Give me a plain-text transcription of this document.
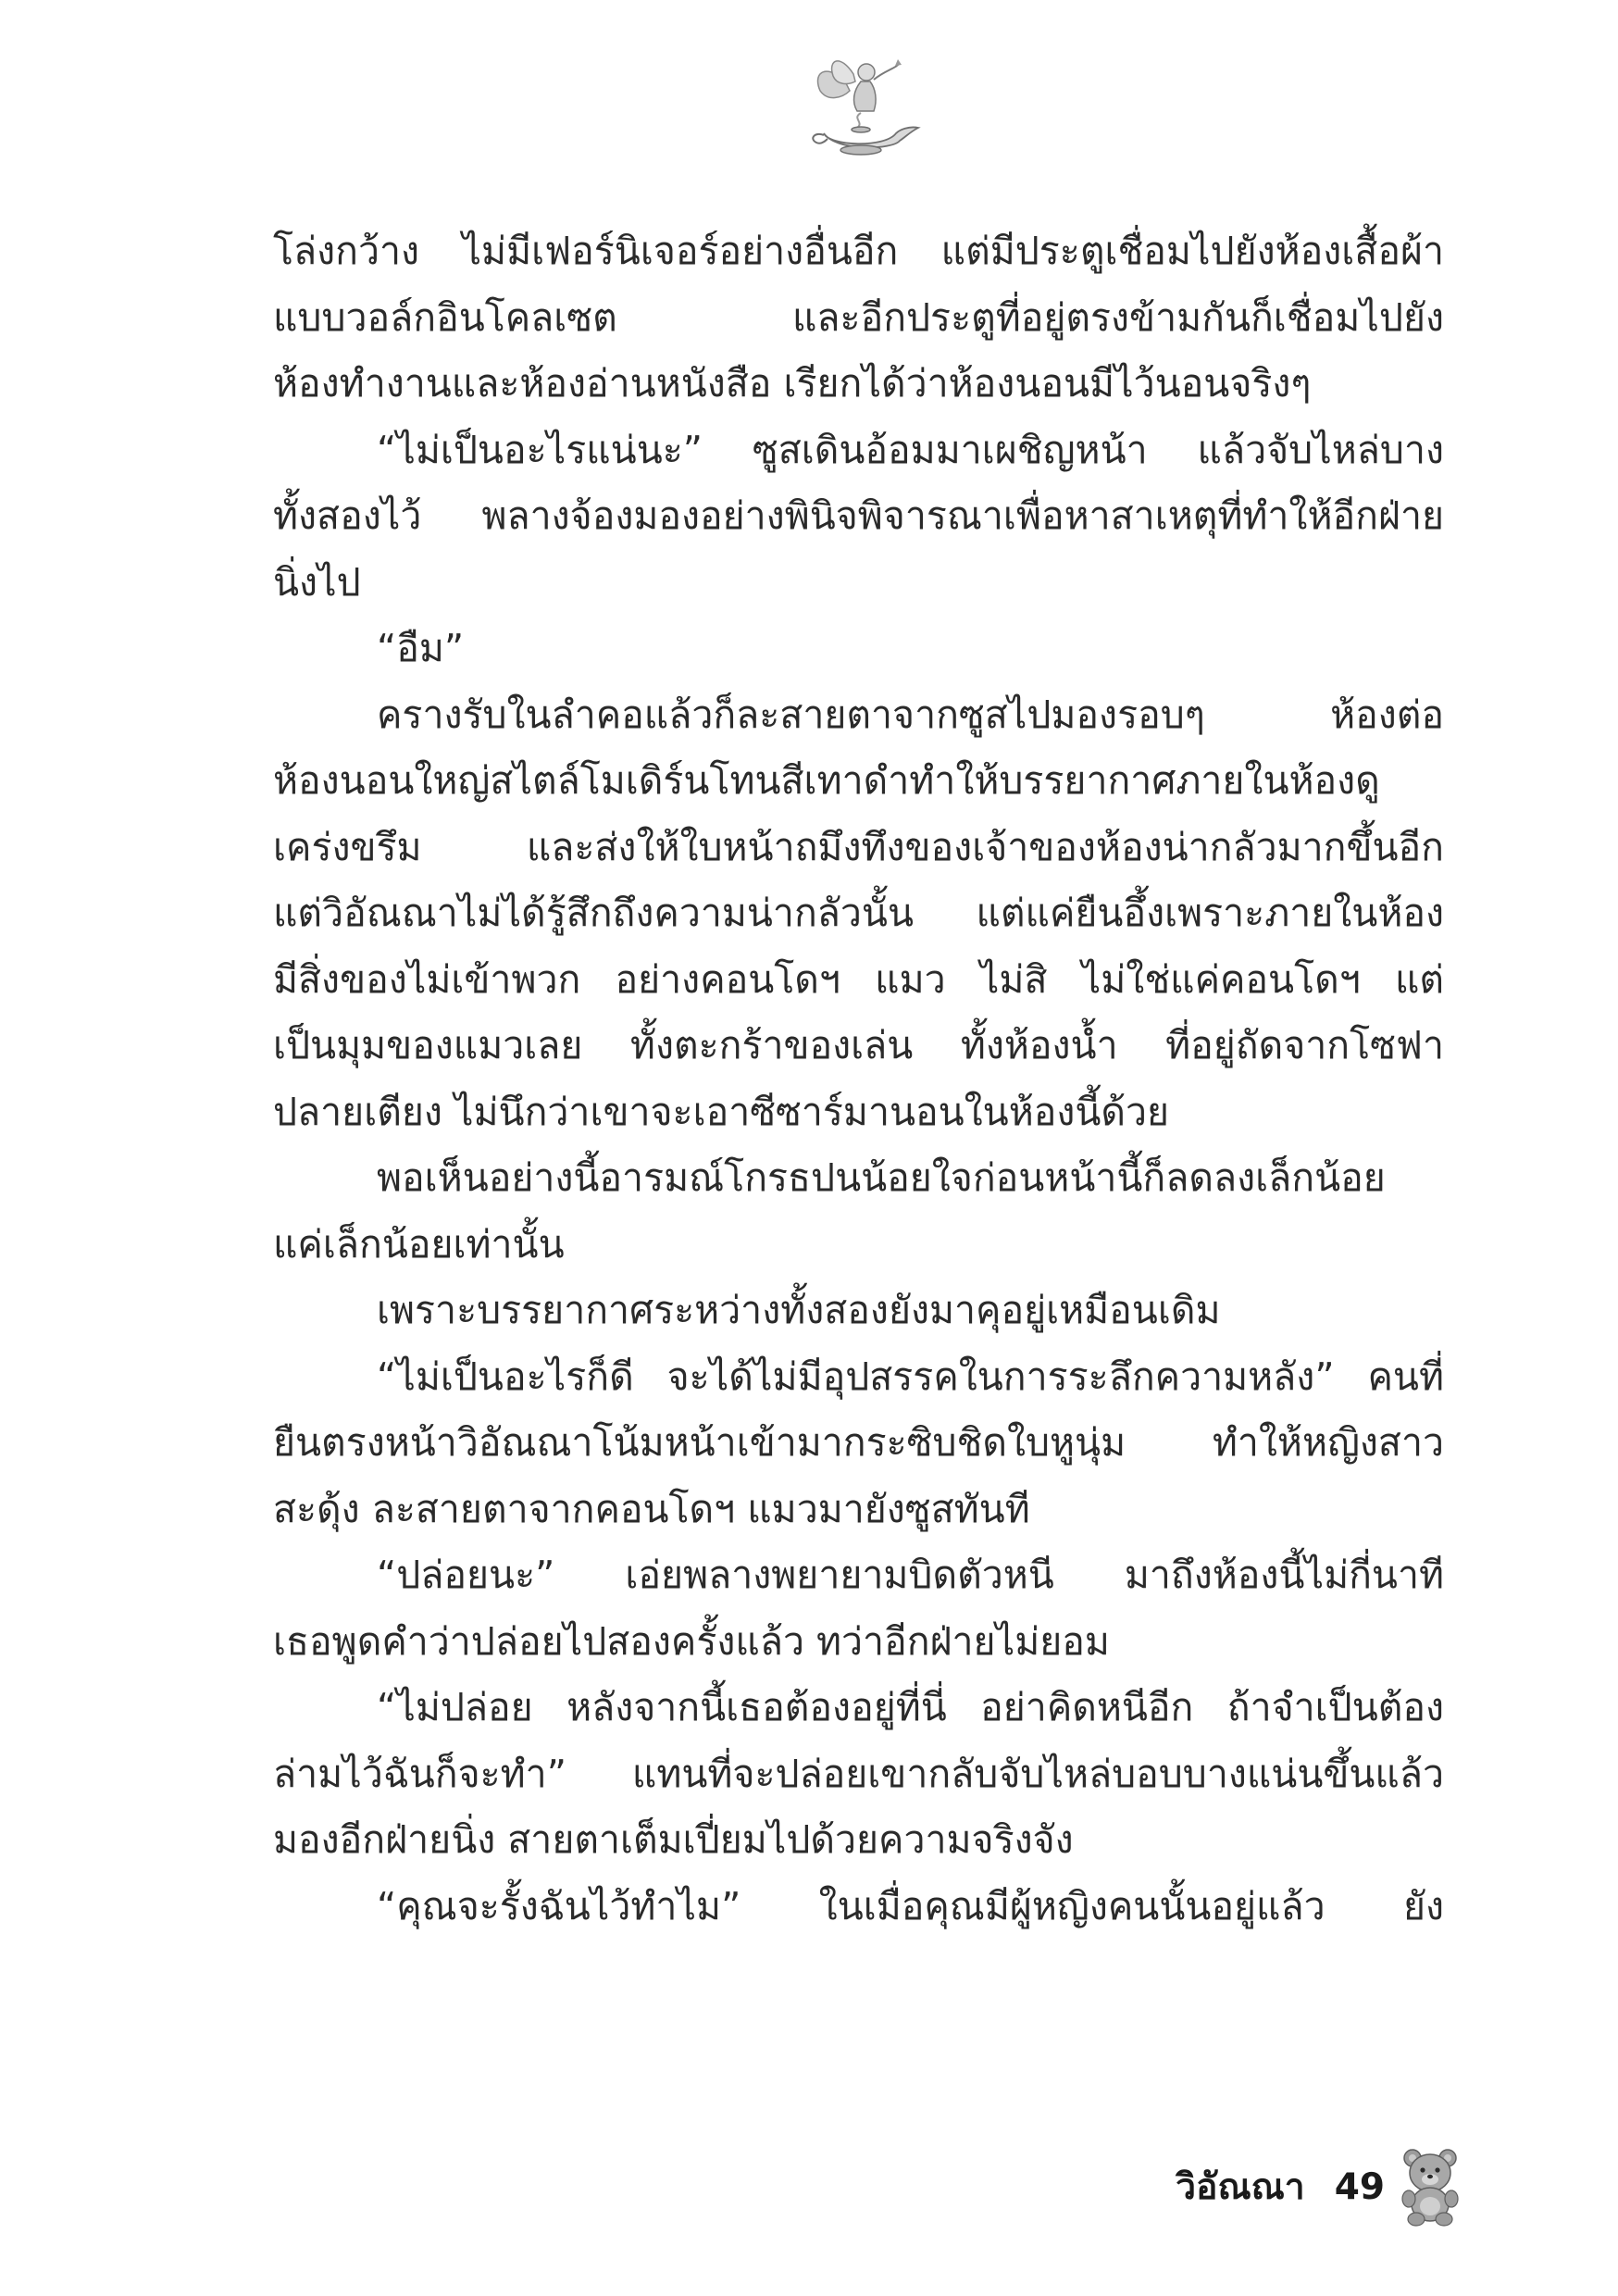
โล่งกว้าง ไม่มีเฟอร์นิเจอร์อย่างอื่นอีก แต่มีประตูเชื่อมไปยังห้องเสื้อผ้า
แบบวอล์กอินโคลเซต และอีกประตูที่อยู่ตรงข้ามกันก็เชื่อมไปยัง
ห้องทำงานและห้องอ่านหนังสือ เรียกได้ว่าห้องนอนมีไว้นอนจริงๆ
“ไม่เป็นอะไรแน่นะ” ซูสเดินอ้อมมาเผชิญหน้า แล้วจับไหล่บาง
ทั้งสองไว้ พลางจ้องมองอย่างพินิจพิจารณาเพื่อหาสาเหตุที่ทำให้อีกฝ่าย
นิ่งไป
“อืม”
ครางรับในลำคอแล้วก็ละสายตาจากซูสไปมองรอบๆ ห้องต่อ
ห้องนอนใหญ่สไตล์โมเดิร์นโทนสีเทาดำทำให้บรรยากาศภายในห้องดู
เคร่งขรึม และส่งให้ใบหน้าถมึงทึงของเจ้าของห้องน่ากลัวมากขึ้นอีก
แต่วิอัณณาไม่ได้รู้สึกถึงความน่ากลัวนั้น แต่แค่ยืนอึ้งเพราะภายในห้อง
มีสิ่งของไม่เข้าพวก อย่างคอนโดฯ แมว ไม่สิ ไม่ใช่แค่คอนโดฯ แต่
เป็นมุมของแมวเลย ทั้งตะกร้าของเล่น ทั้งห้องน้ำ ที่อยู่ถัดจากโซฟา
ปลายเตียง ไม่นึกว่าเขาจะเอาซีซาร์มานอนในห้องนี้ด้วย
พอเห็นอย่างนี้อารมณ์โกรธปนน้อยใจก่อนหน้านี้ก็ลดลงเล็กน้อย
แค่เล็กน้อยเท่านั้น
เพราะบรรยากาศระหว่างทั้งสองยังมาคุอยู่เหมือนเดิม
“ไม่เป็นอะไรก็ดี จะได้ไม่มีอุปสรรคในการระลึกความหลัง” คนที่
ยืนตรงหน้าวิอัณณาโน้มหน้าเข้ามากระซิบชิดใบหูนุ่ม ทำให้หญิงสาว
สะดุ้ง ละสายตาจากคอนโดฯ แมวมายังซูสทันที
“ปล่อยนะ” เอ่ยพลางพยายามบิดตัวหนี มาถึงห้องนี้ไม่กี่นาที
เธอพูดคำว่าปล่อยไปสองครั้งแล้ว ทว่าอีกฝ่ายไม่ยอม
“ไม่ปล่อย หลังจากนี้เธอต้องอยู่ที่นี่ อย่าคิดหนีอีก ถ้าจำเป็นต้อง
ล่ามไว้ฉันก็จะทำ” แทนที่จะปล่อยเขากลับจับไหล่บอบบางแน่นขึ้นแล้ว
มองอีกฝ่ายนิ่ง สายตาเต็มเปี่ยมไปด้วยความจริงจัง
“คุณจะรั้งฉันไว้ทำไม” ในเมื่อคุณมีผู้หญิงคนนั้นอยู่แล้ว ยัง
วิอัณณา 49
